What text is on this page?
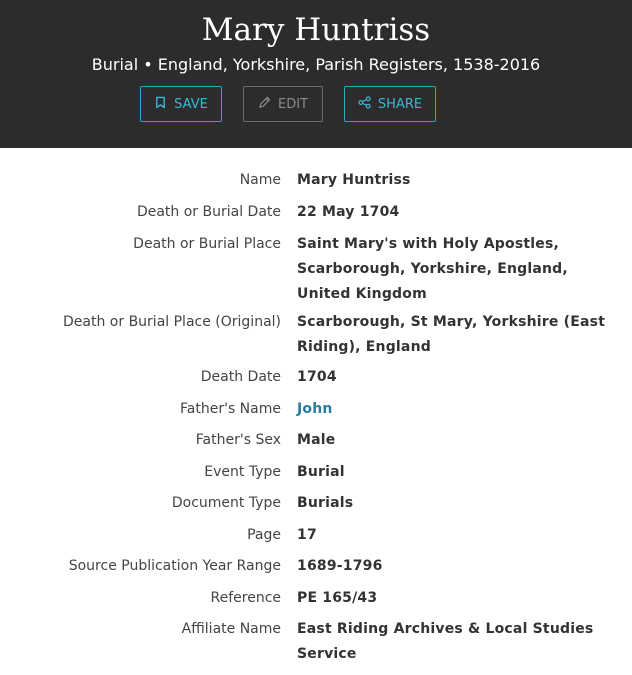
Mary Huntriss
Burial • England, Yorkshire, Parish Registers, 1538-2016
SAVE	EDIT	SHARE
Name Mary Huntriss
Death or Burial Date 22 May 1704
Death or Burial Place Saint Mary's with Holy Apostles, Scarborough, Yorkshire, England, United Kingdom
Death or Burial Place (Original) Scarborough, St Mary, Yorkshire (East Riding), England
Death Date 1704
Father's Name John
Father's Sex Male
Event Type Burial
Document Type Burials
Page 17
Source Publication Year Range 1689-1796
Reference PE 165/43
Affiliate Name East Riding Archives & Local Studies Service
